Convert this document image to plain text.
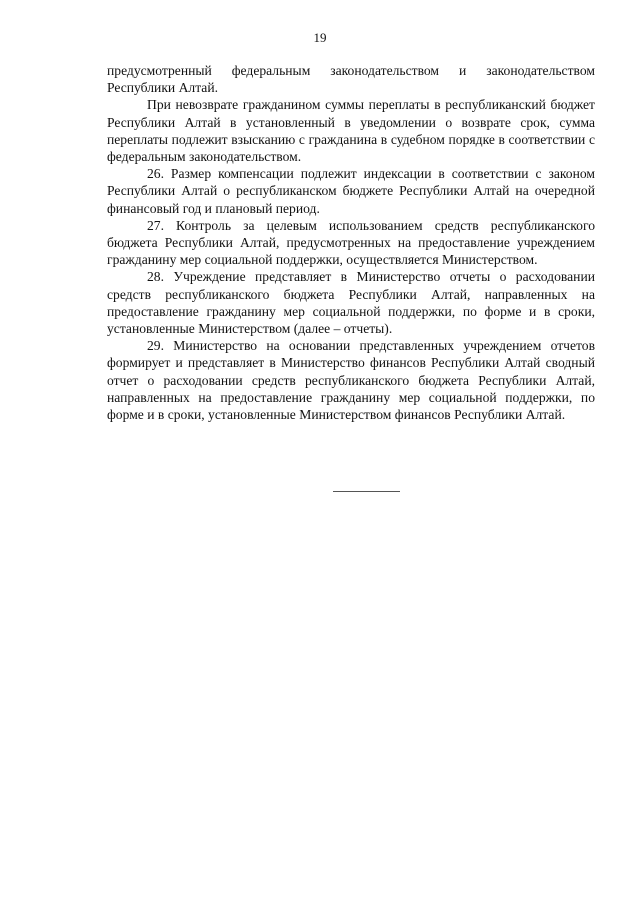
19

предусмотренный федеральным законодательством и законодательством Республики Алтай.

При невозврате гражданином суммы переплаты в республиканский бюджет Республики Алтай в установленный в уведомлении о возврате срок, сумма переплаты подлежит взысканию с гражданина в судебном порядке в соответствии с федеральным законодательством.

26. Размер компенсации подлежит индексации в соответствии с законом Республики Алтай о республиканском бюджете Республики Алтай на очередной финансовый год и плановый период.

27. Контроль за целевым использованием средств республиканского бюджета Республики Алтай, предусмотренных на предоставление учреждением гражданину мер социальной поддержки, осуществляется Министерством.

28. Учреждение представляет в Министерство отчеты о расходовании средств республиканского бюджета Республики Алтай, направленных на предоставление гражданину мер социальной поддержки, по форме и в сроки, установленные Министерством (далее – отчеты).

29. Министерство на основании представленных учреждением отчетов формирует и представляет в Министерство финансов Республики Алтай сводный отчет о расходовании средств республиканского бюджета Республики Алтай, направленных на предоставление гражданину мер социальной поддержки, по форме и в сроки, установленные Министерством финансов Республики Алтай.
